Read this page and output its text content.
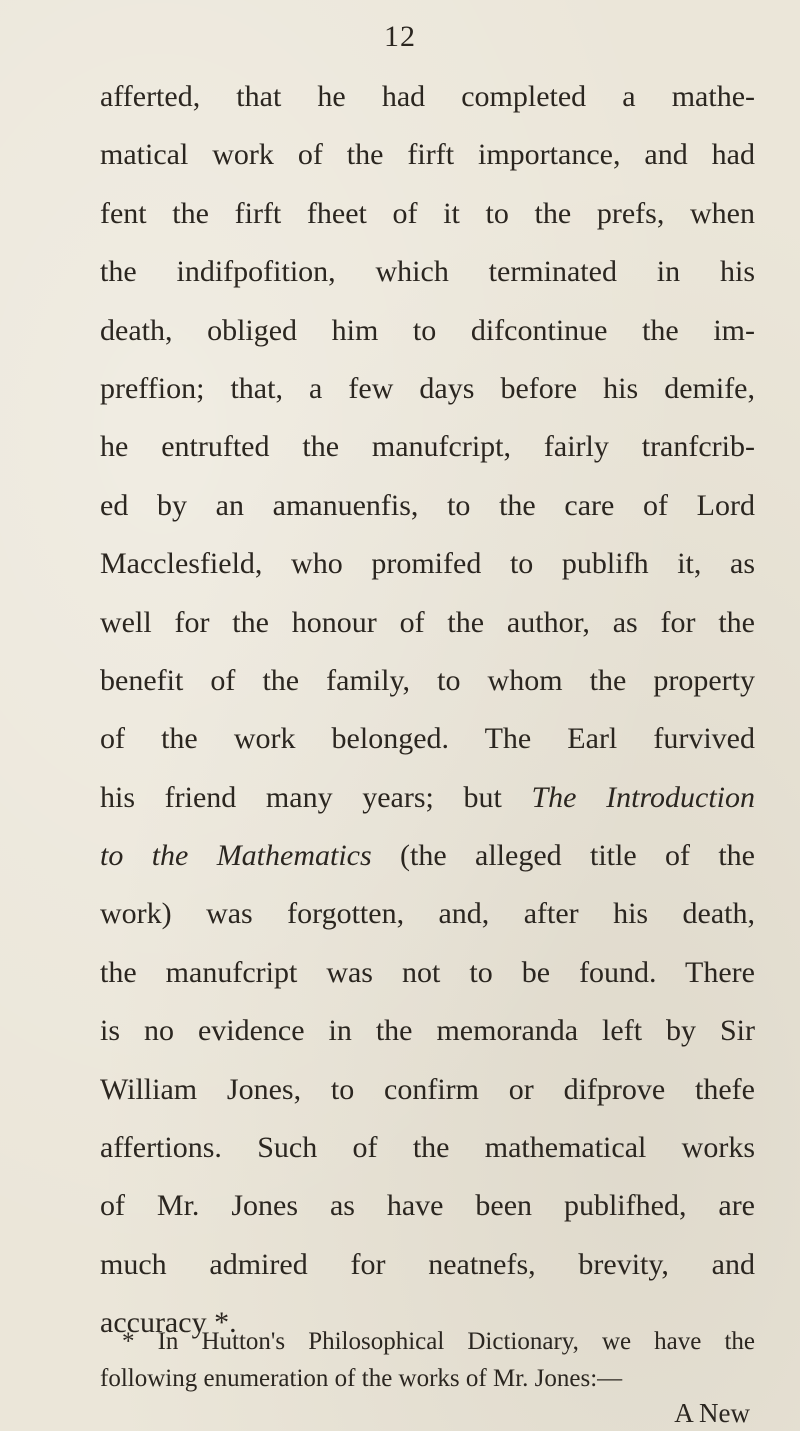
12
afferted, that he had completed a mathe-
matical work of the firft importance, and had
fent the firft fheet of it to the prefs, when
the indifpofition, which terminated in his
death, obliged him to difcontinue the im-
preffion; that, a few days before his demife,
he entrufted the manufcript, fairly tranfcrib-
ed by an amanuenfis, to the care of Lord
Macclesfield, who promifed to publifh it, as
well for the honour of the author, as for the
benefit of the family, to whom the property
of the work belonged. The Earl furvived
his friend many years; but The Introduction
to the Mathematics (the alleged title of the
work) was forgotten, and, after his death,
the manufcript was not to be found. There
is no evidence in the memoranda left by Sir
William Jones, to confirm or difprove thefe
affertions. Such of the mathematical works
of Mr. Jones as have been publifhed, are
much admired for neatnefs, brevity, and
accuracy *.
* In Hutton's Philosophical Dictionary, we have the
following enumeration of the works of Mr. Jones:—
A New
